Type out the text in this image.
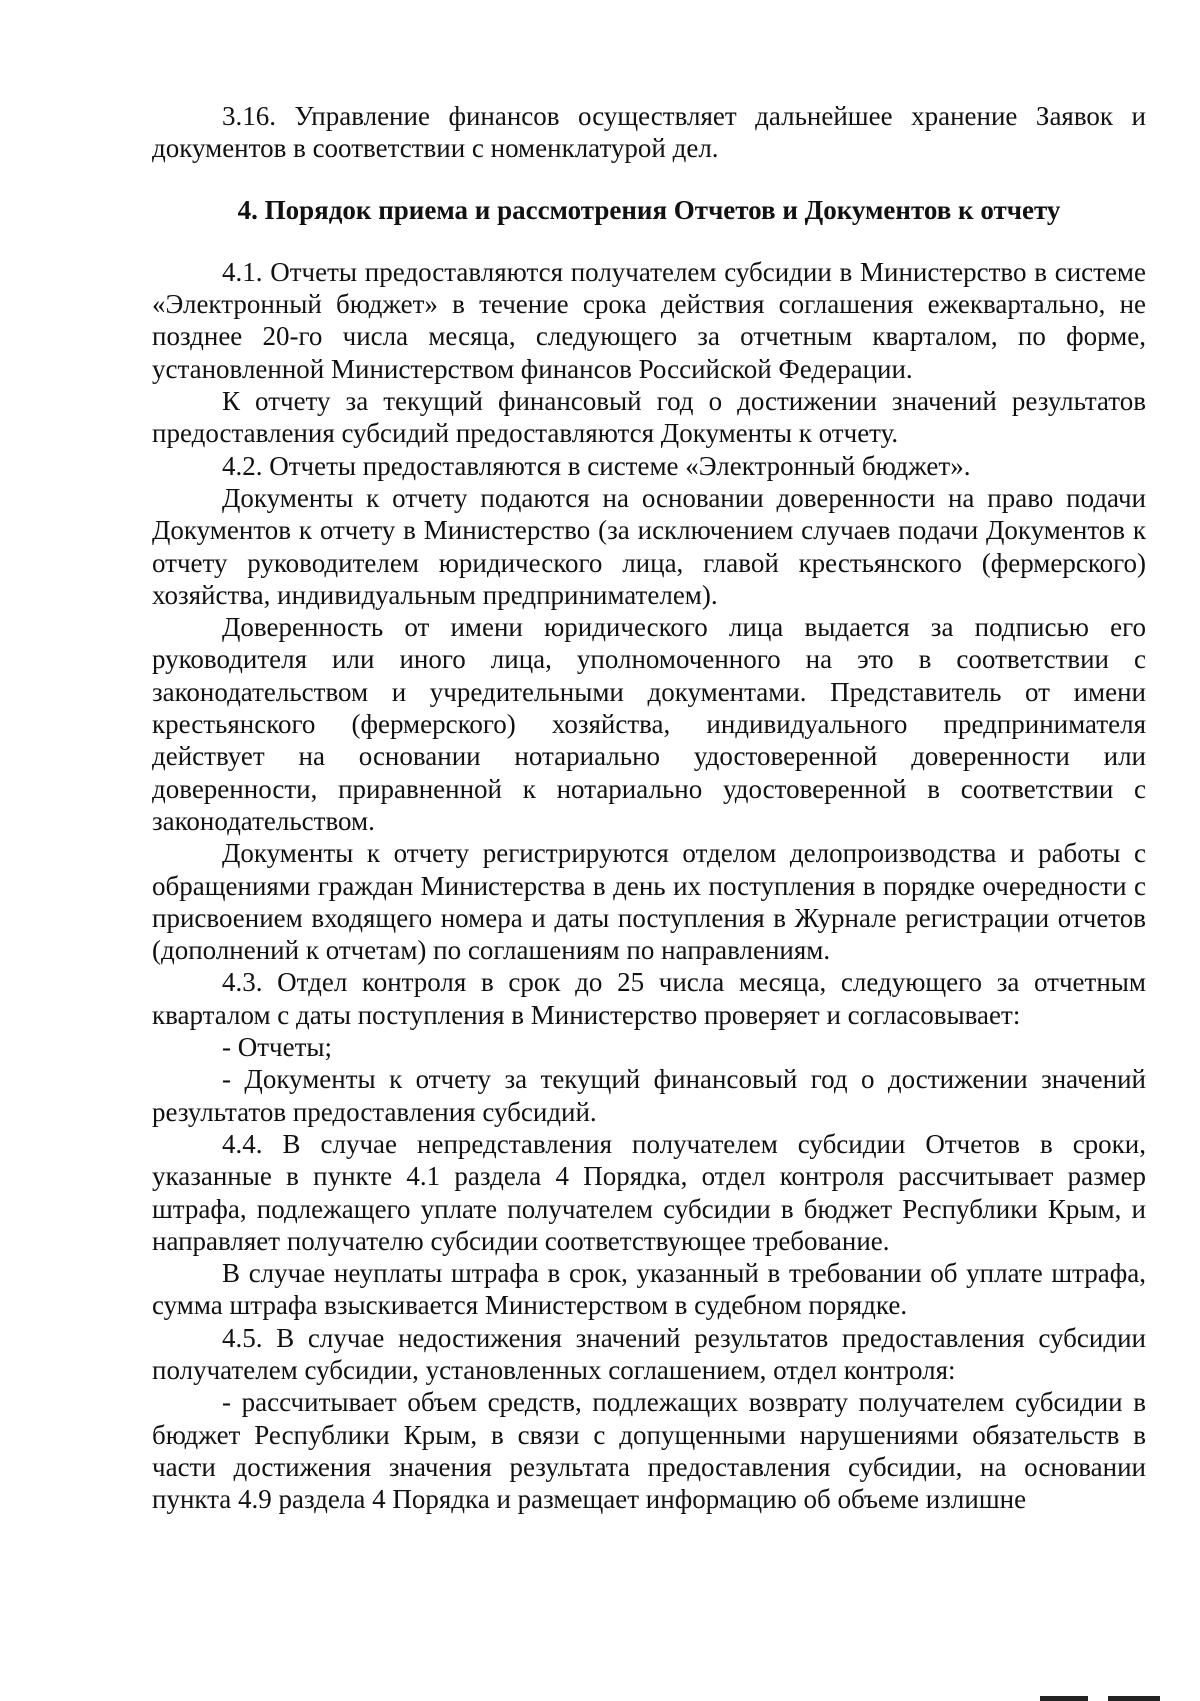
3.16. Управление финансов осуществляет дальнейшее хранение Заявок и документов в соответствии с номенклатурой дел.

4. Порядок приема и рассмотрения Отчетов и Документов к отчету

4.1. Отчеты предоставляются получателем субсидии в Министерство в системе «Электронный бюджет» в течение срока действия соглашения ежеквартально, не позднее 20-го числа месяца, следующего за отчетным кварталом, по форме, установленной Министерством финансов Российской Федерации.

К отчету за текущий финансовый год о достижении значений результатов предоставления субсидий предоставляются Документы к отчету.

4.2. Отчеты предоставляются в системе «Электронный бюджет».

Документы к отчету подаются на основании доверенности на право подачи Документов к отчету в Министерство (за исключением случаев подачи Документов к отчету руководителем юридического лица, главой крестьянского (фермерского) хозяйства, индивидуальным предпринимателем).

Доверенность от имени юридического лица выдается за подписью его руководителя или иного лица, уполномоченного на это в соответствии с законодательством и учредительными документами. Представитель от имени крестьянского (фермерского) хозяйства, индивидуального предпринимателя действует на основании нотариально удостоверенной доверенности или доверенности, приравненной к нотариально удостоверенной в соответствии с законодательством.

Документы к отчету регистрируются отделом делопроизводства и работы с обращениями граждан Министерства в день их поступления в порядке очередности с присвоением входящего номера и даты поступления в Журнале регистрации отчетов (дополнений к отчетам) по соглашениям по направлениям.

4.3. Отдел контроля в срок до 25 числа месяца, следующего за отчетным кварталом с даты поступления в Министерство проверяет и согласовывает:

- Отчеты;

- Документы к отчету за текущий финансовый год о достижении значений результатов предоставления субсидий.

4.4. В случае непредставления получателем субсидии Отчетов в сроки, указанные в пункте 4.1 раздела 4 Порядка, отдел контроля рассчитывает размер штрафа, подлежащего уплате получателем субсидии в бюджет Республики Крым, и направляет получателю субсидии соответствующее требование.

В случае неуплаты штрафа в срок, указанный в требовании об уплате штрафа, сумма штрафа взыскивается Министерством в судебном порядке.

4.5. В случае недостижения значений результатов предоставления субсидии получателем субсидии, установленных соглашением, отдел контроля:

- рассчитывает объем средств, подлежащих возврату получателем субсидии в бюджет Республики Крым, в связи с допущенными нарушениями обязательств в части достижения значения результата предоставления субсидии, на основании пункта 4.9 раздела 4 Порядка и размещает информацию об объеме излишне
